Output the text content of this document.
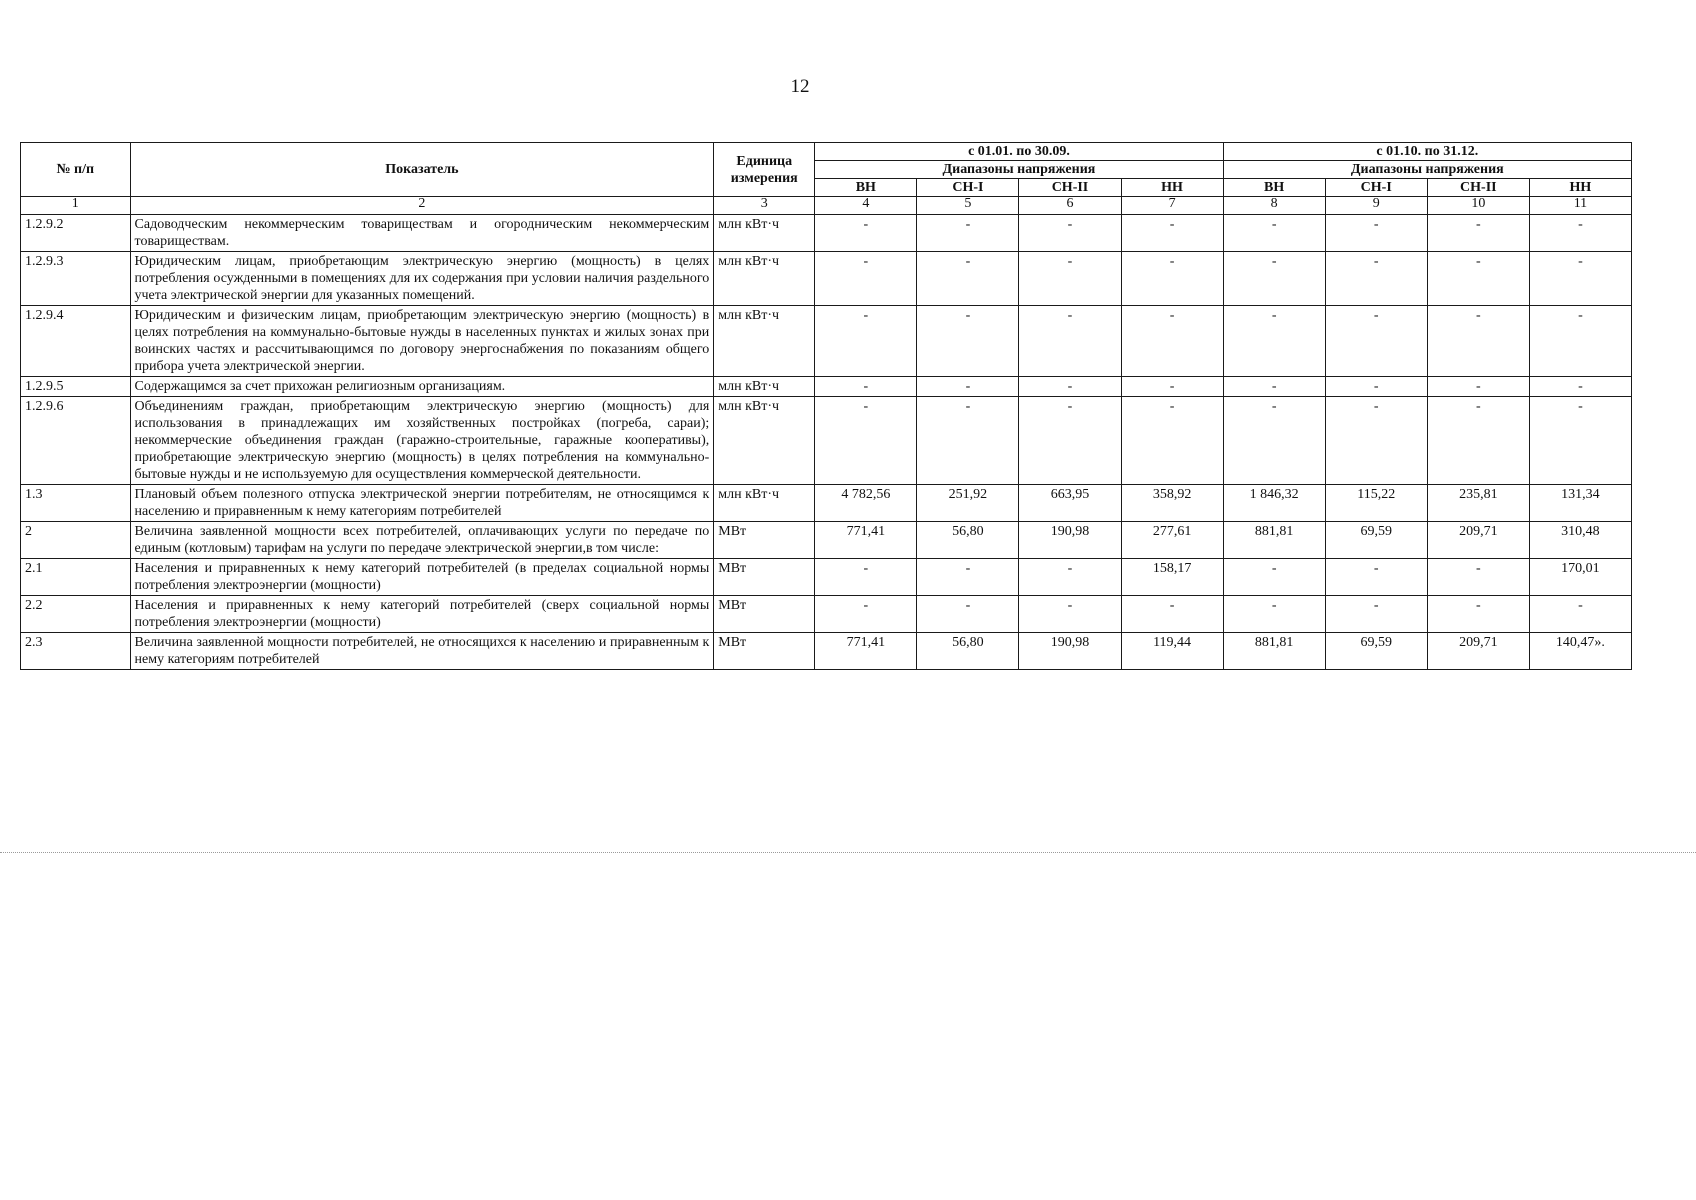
12
№ п/п	Показатель	Единица измерения	с 01.01. по 30.09.				с 01.10. по 31.12.			
			Диапазоны напряжения				Диапазоны напряжения			
			ВН	СН-I	СН-II	НН	ВН	СН-I	СН-II	НН
1	2	3	4	5	6	7	8	9	10	11
1.2.9.2	Садоводческим некоммерческим товариществам и огородническим некоммерческим товариществам.	млн кВт·ч	-	-	-	-	-	-	-	-
1.2.9.3	Юридическим лицам, приобретающим электрическую энергию (мощность) в целях потребления осужденными в помещениях для их содержания при условии наличия раздельного учета электрической энергии для указанных помещений.	млн кВт·ч	-	-	-	-	-	-	-	-
1.2.9.4	Юридическим и физическим лицам, приобретающим электрическую энергию (мощность) в целях потребления на коммунально-бытовые нужды в населенных пунктах и жилых зонах при воинских частях и рассчитывающимся по договору энергоснабжения по показаниям общего прибора учета электрической энергии.	млн кВт·ч	-	-	-	-	-	-	-	-
1.2.9.5	Содержащимся за счет прихожан религиозным организациям.	млн кВт·ч	-	-	-	-	-	-	-	-
1.2.9.6	Объединениям граждан, приобретающим электрическую энергию (мощность) для использования в принадлежащих им хозяйственных постройках (погреба, сараи); некоммерческие объединения граждан (гаражно-строительные, гаражные кооперативы), приобретающие электрическую энергию (мощность) в целях потребления на коммунально-бытовые нужды и не используемую для осуществления коммерческой деятельности.	млн кВт·ч	-	-	-	-	-	-	-	-
1.3	Плановый объем полезного отпуска электрической энергии потребителям, не относящимся к населению и приравненным к нему категориям потребителей	млн кВт·ч	4 782,56	251,92	663,95	358,92	1 846,32	115,22	235,81	131,34
2	Величина заявленной мощности всех потребителей, оплачивающих услуги по передаче по единым (котловым) тарифам на услуги по передаче электрической энергии,в том числе:	МВт	771,41	56,80	190,98	277,61	881,81	69,59	209,71	310,48
2.1	Населения и приравненных к нему категорий потребителей (в пределах социальной нормы потребления электроэнергии (мощности)	МВт	-	-	-	158,17	-	-	-	170,01
2.2	Населения и приравненных к нему категорий потребителей (сверх социальной нормы потребления электроэнергии (мощности)	МВт	-	-	-	-	-	-	-	-
2.3	Величина заявленной мощности потребителей, не относящихся к населению и приравненным к нему категориям потребителей	МВт	771,41	56,80	190,98	119,44	881,81	69,59	209,71	140,47».
